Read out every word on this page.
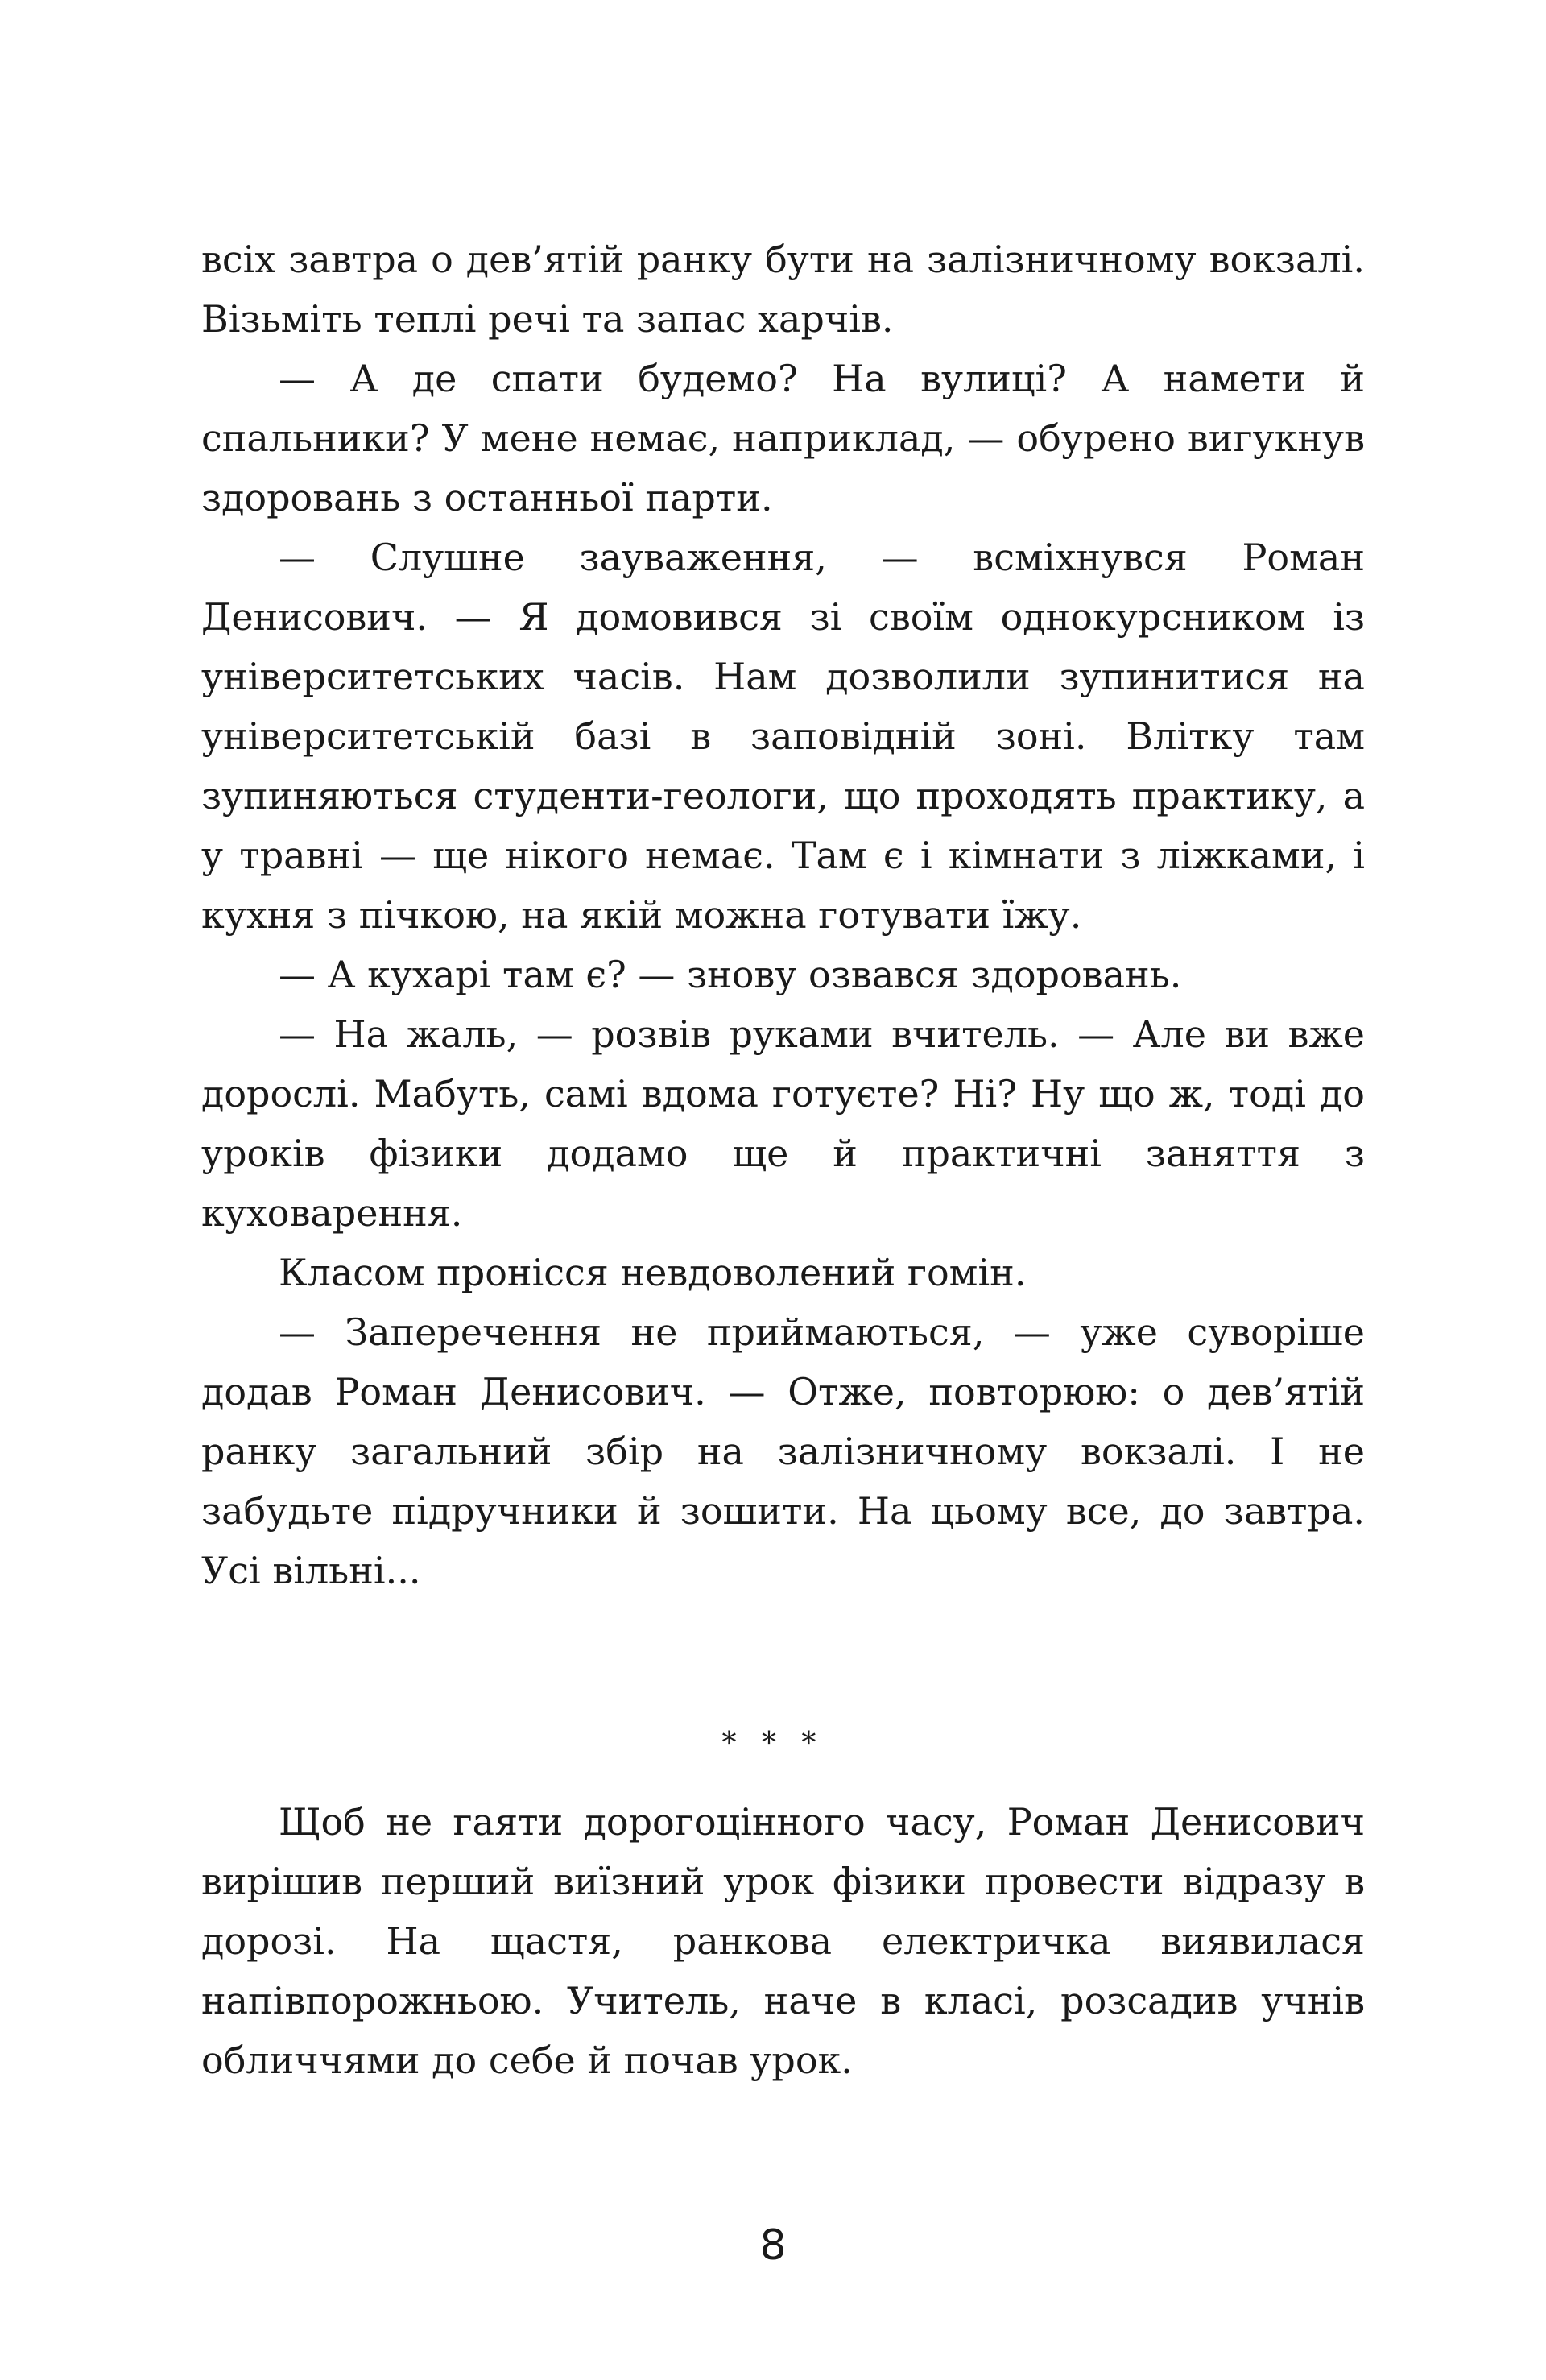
всіх завтра о дев’ятій ранку бути на залізничному вокзалі. Візьміть теплі речі та запас харчів.

— А де спати будемо? На вулиці? А намети й спальники? У мене немає, наприклад, — обурено вигукнув здоровань з останньої парти.

— Слушне зауваження, — всміхнувся Роман Денисович. — Я домовився зі своїм однокурсником із університетських часів. Нам дозволили зупинитися на університетській базі в заповідній зоні. Влітку там зупиняються студенти-геологи, що проходять практику, а у травні — ще нікого немає. Там є і кімнати з ліжками, і кухня з пічкою, на якій можна готувати їжу.

— А кухарі там є? — знову озвався здоровань.

— На жаль, — розвів руками вчитель. — Але ви вже дорослі. Мабуть, самі вдома готуєте? Ні? Ну що ж, тоді до уроків фізики додамо ще й практичні заняття з куховарення.

Класом пронісся невдоволений гомін.

— Заперечення не приймаються, — уже суворіше додав Роман Денисович. — Отже, повторюю: о дев’ятій ранку загальний збір на залізничному вокзалі. І не забудьте підручники й зошити. На цьому все, до завтра. Усі вільні...

* * *

Щоб не гаяти дорогоцінного часу, Роман Денисович вирішив перший виїзний урок фізики провести відразу в дорозі. На щастя, ранкова електричка виявилася напівпорожньою. Учитель, наче в класі, розсадив учнів обличчями до себе й почав урок.

8
